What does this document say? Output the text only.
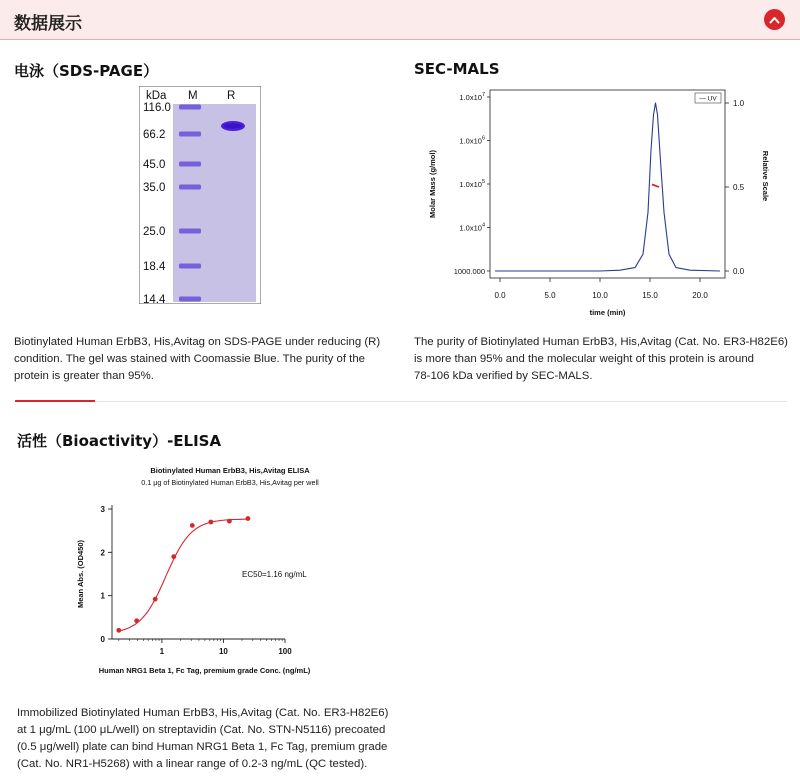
数据展示
电泳（SDS-PAGE）
kDa M	R
116.0
66.2
45.0
35.0
25.0
18.4
14.4
Biotinylated Human ErbB3, His,Avitag on SDS-PAGE under reducing (R)
condition. The gel was stained with Coomassie Blue. The purity of the
protein is greater than 95%.
SEC-MALS
0.0	5.0	10.0	15.0	20.0
time (min)
$1.0x10^7$
$1.0x10^6$
$1.0x10^5$
$1.0x10^4$
1000.000
Molar Mass (g/mol)
1.0
0.5
0.0
Relative Scale
— UV
The purity of Biotinylated Human ErbB3, His,Avitag (Cat. No. ER3-H82E6)
is more than 95% and the molecular weight of this protein is around
78-106 kDa verified by SEC-MALS.
活性（Bioactivity）-ELISA
Biotinylated Human ErbB3, His,Avitag ELISA
0.1 μg of Biotinylated Human ErbB3, His,Avitag per well
0
1
2
3
1	10	100
Mean Abs. (OD450)
Human NRG1 Beta 1, Fc Tag, premium grade Conc. (ng/mL)
EC50=1.16 ng/mL
Immobilized Biotinylated Human ErbB3, His,Avitag (Cat. No. ER3-H82E6)
at 1 μg/mL (100 μL/well) on streptavidin (Cat. No. STN-N5116) precoated
(0.5 μg/well) plate can bind Human NRG1 Beta 1, Fc Tag, premium grade
(Cat. No. NR1-H5268) with a linear range of 0.2-3 ng/mL (QC tested).
